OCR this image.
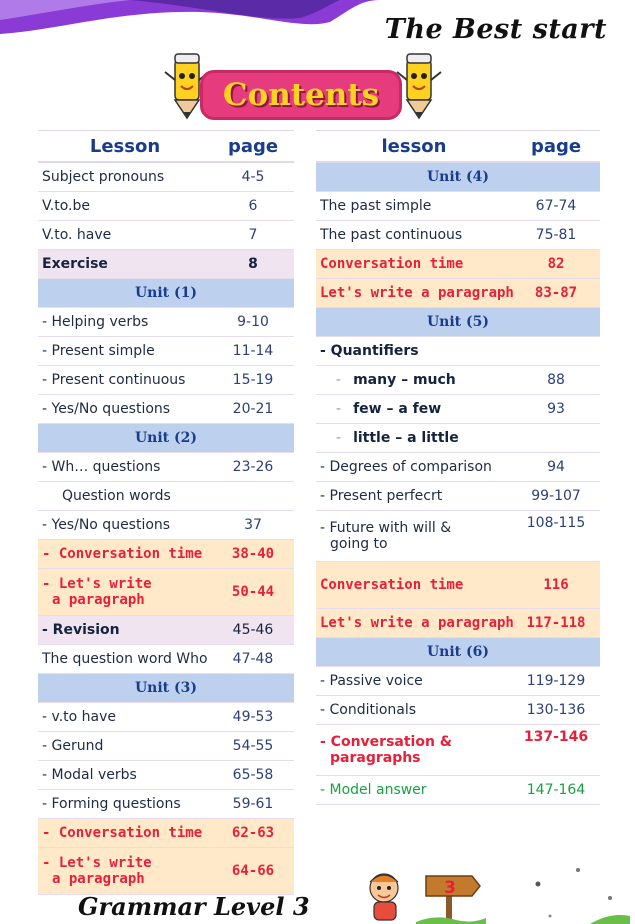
The Best start
Contents
Lesson	page
Subject pronouns	4-5
V.to.be	6
V.to. have	7
Exercise	8
Unit (1)	
- Helping verbs	9-10
- Present simple	11-14
- Present continuous	15-19
- Yes/No questions	20-21
Unit (2)	
- Wh… questions	23-26
Question words	
- Yes/No questions	37
- Conversation time	38-40

- Let's write
a paragraph	50-44
- Revision	45-46
The question word Who	47-48
Unit (3)	
- v.to have	49-53
- Gerund	54-55
- Modal verbs	65-58
- Forming questions	59-61
- Conversation time	62-63

- Let's write
a paragraph	64-66
lesson	page
Unit (4)	
The past simple	67-74
The past continuous	75-81
Conversation time	82
Let's write a paragraph	83-87
Unit (5)	
- Quantifiers	
- many – much	88
- few – a few	93
- little – a little	
- Degrees of comparison	94
- Present perfecrt	99-107

- Future with will &
going to	108-115
Conversation time	116
Let's write a paragraph	117-118
Unit (6)	
- Passive voice	119-129
- Conditionals	130-136

- Conversation &
paragraphs	137-146
- Model answer	147-164
Grammar Level 3
3
